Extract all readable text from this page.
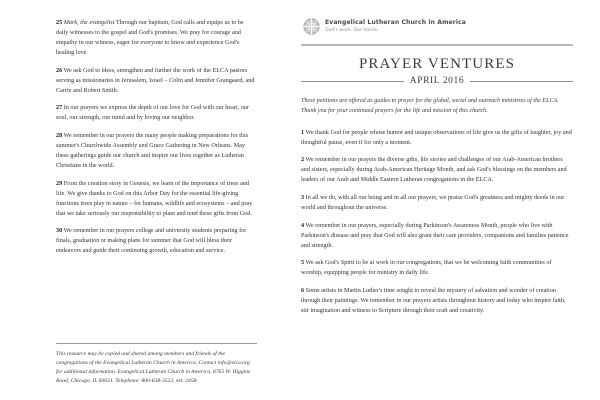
25 Mark, the evangelist Through our baptism, God calls and equips us to be daily witnesses to the gospel and God's promises. We pray for courage and empathy in our witness, eager for everyone to know and experience God's healing love.

26 We ask God to bless, strengthen and further the work of the ELCA pastors serving as missionaries in Jerusalem, Israel – Colin and Jennifer Grangaard, and Carrie and Robert Smith.

27 In our prayers we express the depth of our love for God with our heart, our soul, our strength, our mind and by loving our neighbor.

28 We remember in our prayers the many people making preparations for this summer's Churchwide Assembly and Grace Gathering in New Orleans. May these gatherings guide our church and inspire our lives together as Lutheran Christians in the world.

29 From the creation story in Genesis, we learn of the importance of trees and life. We give thanks to God on this Arbor Day for the essential life-giving functions trees play in nature – for humans, wildlife and ecosystems – and pray that we take seriously our responsibility to plant and tend these gifts from God.

30 We remember in our prayers college and university students preparing for finals, graduation or making plans for summer that God will bless their endeavors and guide their continuing growth, education and service.

This resource may be copied and shared among members and friends of the congregations of the Evangelical Lutheran Church in America. Contact info@elca.org for additional information. Evangelical Lutheran Church in America, 8765 W. Higgins Road, Chicago, IL 60631. Telephone: 800-638-3522, ext. 2458.
Evangelical Lutheran Church in America
God's work. Our hands.
PRAYER VENTURES
APRIL 2016
These petitions are offered as guides to prayer for the global, social and outreach ministries of the ELCA. Thank you for your continued prayers for the life and mission of this church.

1 We thank God for people whose humor and unique observations of life give us the gifts of laughter, joy and thoughtful pause, even if for only a moment.

2 We remember in our prayers the diverse gifts, life stories and challenges of our Arab-American brothers and sisters, especially during Arab-American Heritage Month, and ask God's blessings on the members and leaders of our Arab and Middle Eastern Lutheran congregations in the ELCA.

3 In all we do, with all our being and in all our prayers, we praise God's greatness and mighty deeds in our world and throughout the universe.

4 We remember in our prayers, especially during Parkinson's Awareness Month, people who live with Parkinson's disease and pray that God will also grant their care providers, companions and families patience and strength.

5 We ask God's Spirit to be at work in our congregations, that we be welcoming faith communities of worship, equipping people for ministry in daily life.

6 Some artists in Martin Luther's time sought to reveal the mystery of salvation and wonder of creation through their paintings. We remember in our prayers artists throughout history and today who inspire faith, stir imagination and witness to Scripture through their craft and creativity.
